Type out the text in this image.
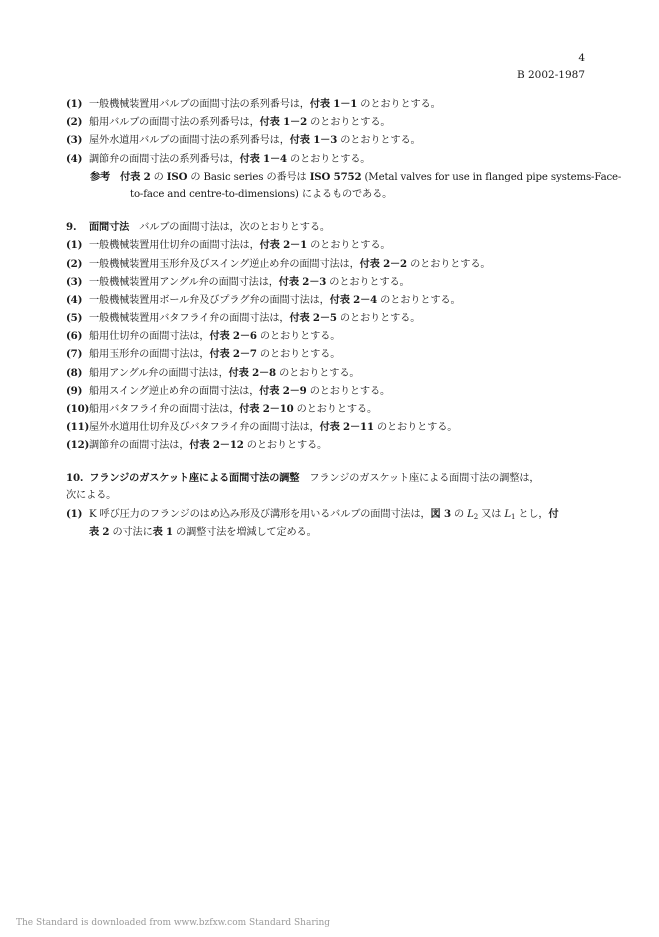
4
B 2002-1987
(1) 一般機械装置用バルブの面間寸法の系列番号は，付表 1－1 のとおりとする。
(2) 船用バルブの面間寸法の系列番号は，付表 1－2 のとおりとする。
(3) 屋外水道用バルブの面間寸法の系列番号は，付表 1－3 のとおりとする。
(4) 調節弁の面間寸法の系列番号は，付表 1－4 のとおりとする。
参考　 付表 2 の ISO の Basic series の番号は ISO 5752 (Metal valves for use in flanged pipe systems-Face-
to-face and centre-to-dimensions) によるものである。
9. 面間寸法　バルブの面間寸法は，次のとおりとする。
(1) 一般機械装置用仕切弁の面間寸法は，付表 2－1 のとおりとする。
(2) 一般機械装置用玉形弁及びスイング逆止め弁の面間寸法は，付表 2－2 のとおりとする。
(3) 一般機械装置用アングル弁の面間寸法は，付表 2－3 のとおりとする。
(4) 一般機械装置用ボール弁及びプラグ弁の面間寸法は，付表 2－4 のとおりとする。
(5) 一般機械装置用バタフライ弁の面間寸法は，付表 2－5 のとおりとする。
(6) 船用仕切弁の面間寸法は，付表 2－6 のとおりとする。
(7) 船用玉形弁の面間寸法は，付表 2－7 のとおりとする。
(8) 船用アングル弁の面間寸法は，付表 2－8 のとおりとする。
(9) 船用スイング逆止め弁の面間寸法は，付表 2－9 のとおりとする。
(10)船用バタフライ弁の面間寸法は，付表 2－10 のとおりとする。
(11)屋外水道用仕切弁及びバタフライ弁の面間寸法は，付表 2－11 のとおりとする。
(12)調節弁の面間寸法は，付表 2－12 のとおりとする。
10. フランジのガスケット座による面間寸法の調整　フランジのガスケット座による面間寸法の調整は，
次による。
(1) K 呼び圧力のフランジのはめ込み形及び溝形を用いるバルブの面間寸法は，図 3 の $L_2$ 又は $L_1$ とし，付
表 2 の寸法に表 1 の調整寸法を増減して定める。
The Standard is downloaded from www.bzfxw.com Standard Sharing
